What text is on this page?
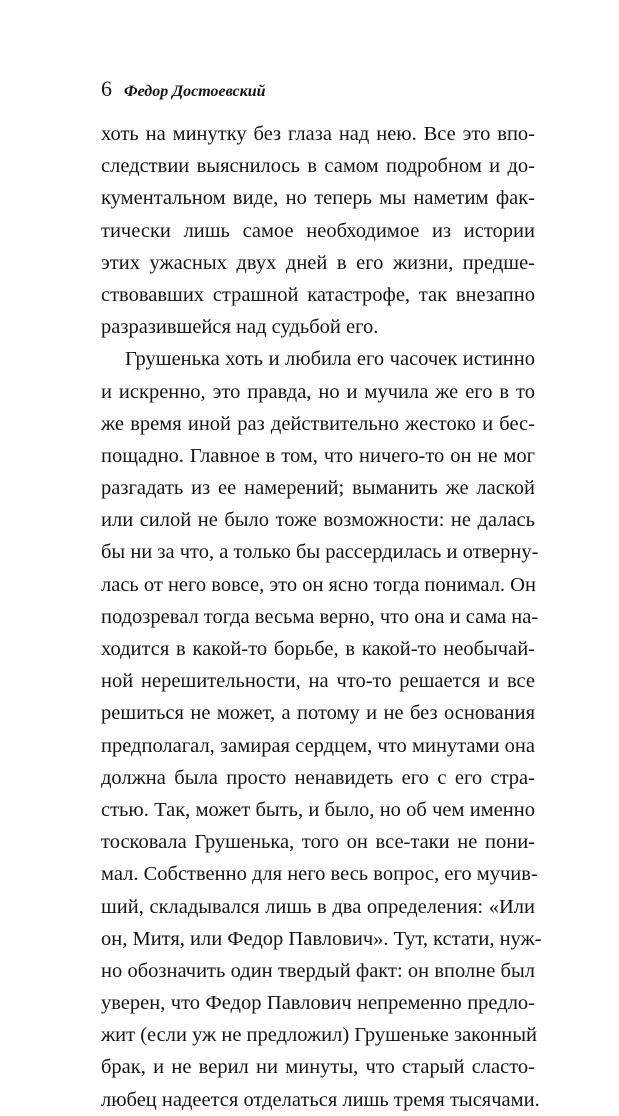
6 Федор Достоевский
хоть на минутку без глаза над нею. Все это впо-
следствии выяснилось в самом подробном и до-
кументальном виде, но теперь мы наметим фак-
тически лишь самое необходимое из истории
этих ужасных двух дней в его жизни, предше-
ствовавших страшной катастрофе, так внезапно
разразившейся над судьбой его.
Грушенька хоть и любила его часочек истинно
и искренно, это правда, но и мучила же его в то
же время иной раз действительно жестоко и бес-
пощадно. Главное в том, что ничего-то он не мог
разгадать из ее намерений; выманить же лаской
или силой не было тоже возможности: не далась
бы ни за что, а только бы рассердилась и отверну-
лась от него вовсе, это он ясно тогда понимал. Он
подозревал тогда весьма верно, что она и сама на-
ходится в какой-то борьбе, в какой-то необычай-
ной нерешительности, на что-то решается и все
решиться не может, а потому и не без основания
предполагал, замирая сердцем, что минутами она
должна была просто ненавидеть его с его стра-
стью. Так, может быть, и было, но об чем именно
тосковала Грушенька, того он все-таки не пони-
мал. Собственно для него весь вопрос, его мучив-
ший, складывался лишь в два определения: «Или
он, Митя, или Федор Павлович». Тут, кстати, нуж-
но обозначить один твердый факт: он вполне был
уверен, что Федор Павлович непременно предло-
жит (если уж не предложил) Грушеньке законный
брак, и не верил ни минуты, что старый сласто-
любец надеется отделаться лишь тремя тысячами.
